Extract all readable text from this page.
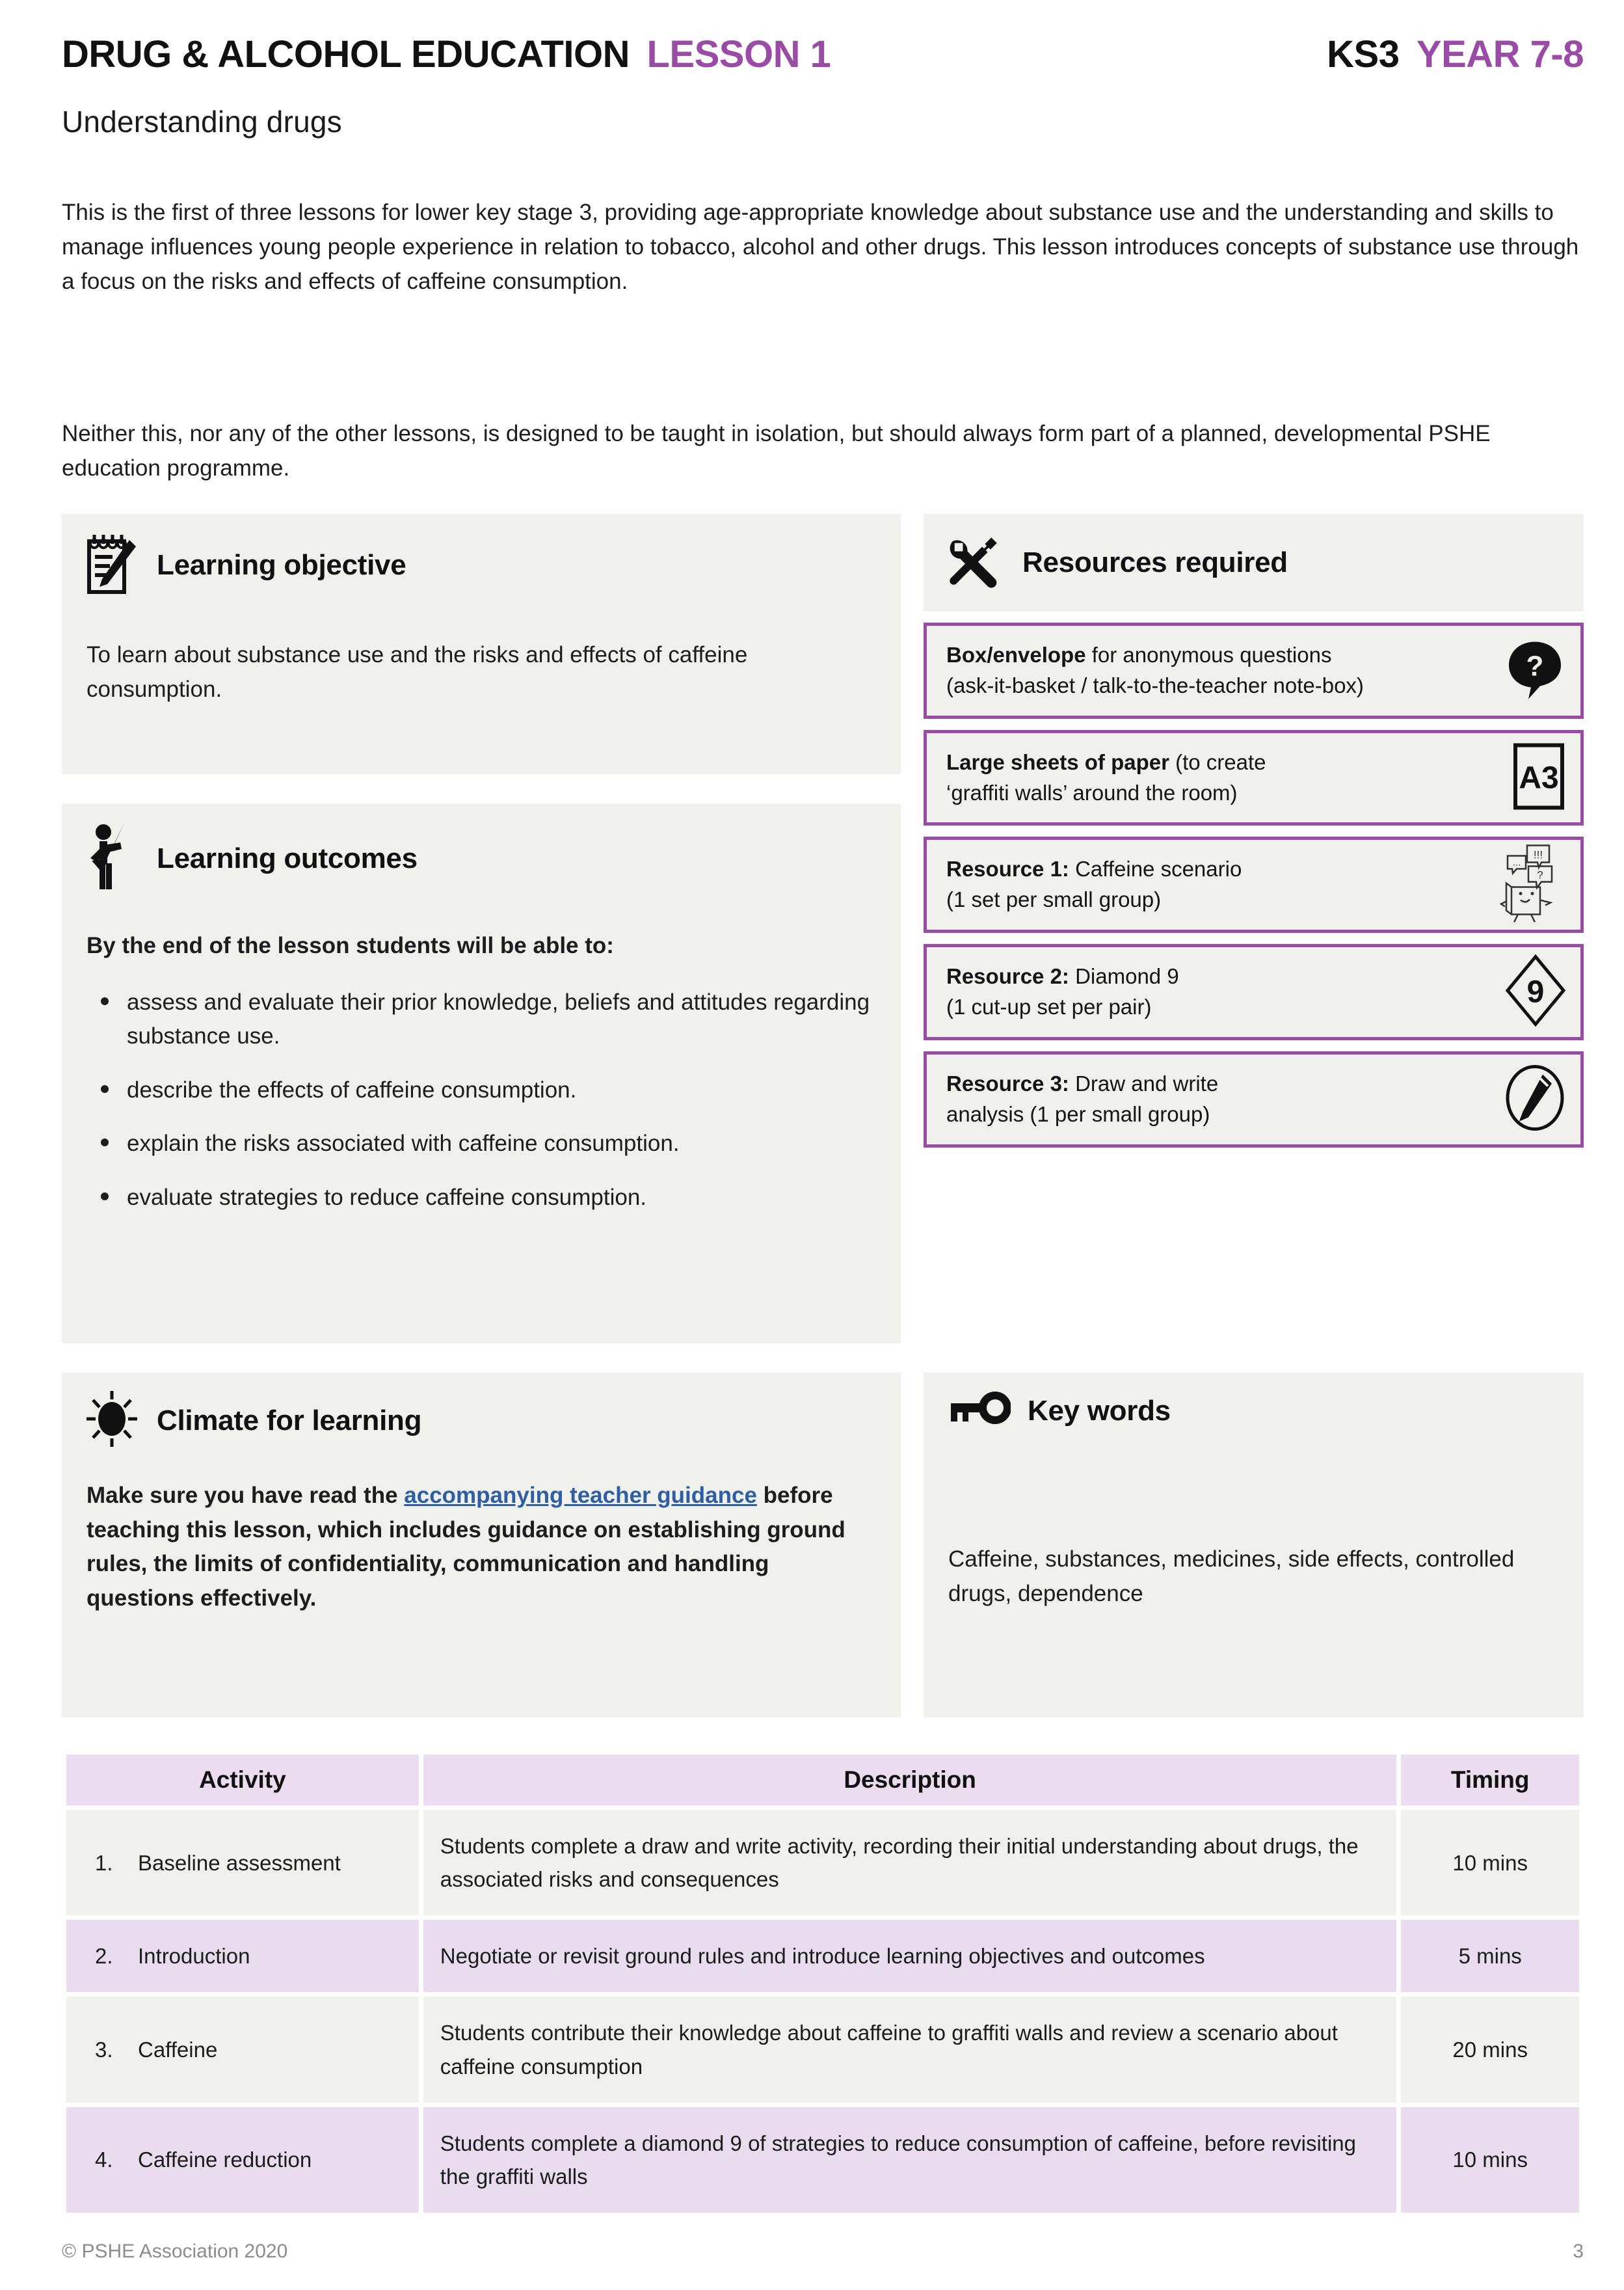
DRUG & ALCOHOL EDUCATION LESSON 1	KS3 YEAR 7-8
Understanding drugs
This is the first of three lessons for lower key stage 3, providing age-appropriate knowledge about substance use and the understanding and skills to manage influences young people experience in relation to tobacco, alcohol and other drugs. This lesson introduces concepts of substance use through a focus on the risks and effects of caffeine consumption.
Neither this, nor any of the other lessons, is designed to be taught in isolation, but should always form part of a planned, developmental PSHE education programme.
Learning objective
To learn about substance use and the risks and effects of caffeine consumption.
Learning outcomes
By the end of the lesson students will be able to:
assess and evaluate their prior knowledge, beliefs and attitudes regarding substance use.
describe the effects of caffeine consumption.
explain the risks associated with caffeine consumption.
evaluate strategies to reduce caffeine consumption.
Climate for learning
Make sure you have read the accompanying teacher guidance before teaching this lesson, which includes guidance on establishing ground rules, the limits of confidentiality, communication and handling questions effectively.
Resources required
Box/envelope for anonymous questions
(ask-it-basket / talk-to-the-teacher note-box)
?
Large sheets of paper (to create
‘graffiti walls’ around the room)	A3
Resource 1: Caffeine scenario
(1 set per small group)
!!!
...
?
Resource 2: Diamond 9
(1 cut-up set per pair)	9
Resource 3: Draw and write
analysis (1 per small group)
Key words
Caffeine, substances, medicines, side effects, controlled drugs, dependence
Activity	Description	Timing
1. Baseline assessment	Students complete a draw and write activity, recording their initial understanding about drugs, the associated risks and consequences	10 mins
2. Introduction	Negotiate or revisit ground rules and introduce learning objectives and outcomes	5 mins
3. Caffeine	Students contribute their knowledge about caffeine to graffiti walls and review a scenario about caffeine consumption	20 mins
4. Caffeine reduction	Students complete a diamond 9 of strategies to reduce consumption of caffeine, before revisiting the graffiti walls	10 mins
© PSHE Association 2020	3
